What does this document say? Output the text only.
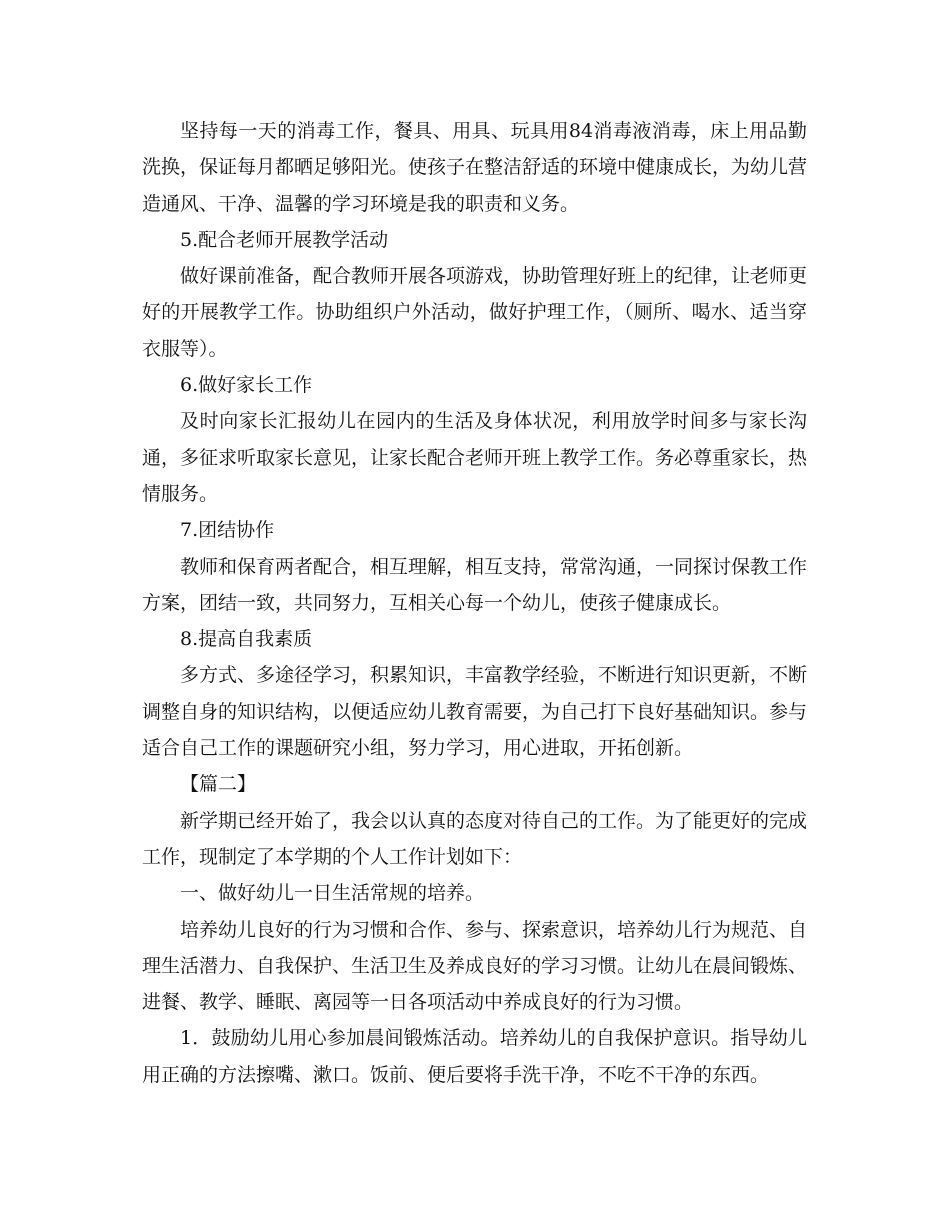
坚持每一天的消毒工作，餐具、用具、玩具用84消毒液消毒，床上用品勤洗换，保证每月都晒足够阳光。使孩子在整洁舒适的环境中健康成长，为幼儿营造通风、干净、温馨的学习环境是我的职责和义务。

5.配合老师开展教学活动

做好课前准备，配合教师开展各项游戏，协助管理好班上的纪律，让老师更好的开展教学工作。协助组织户外活动，做好护理工作，（厕所、喝水、适当穿衣服等）。

6.做好家长工作

及时向家长汇报幼儿在园内的生活及身体状况，利用放学时间多与家长沟通，多征求听取家长意见，让家长配合老师开班上教学工作。务必尊重家长，热情服务。

7.团结协作

教师和保育两者配合，相互理解，相互支持，常常沟通，一同探讨保教工作方案，团结一致，共同努力，互相关心每一个幼儿，使孩子健康成长。

8.提高自我素质

多方式、多途径学习，积累知识，丰富教学经验，不断进行知识更新，不断调整自身的知识结构，以便适应幼儿教育需要，为自己打下良好基础知识。参与适合自己工作的课题研究小组，努力学习，用心进取，开拓创新。

【篇二】

新学期已经开始了，我会以认真的态度对待自己的工作。为了能更好的完成工作，现制定了本学期的个人工作计划如下：

一、做好幼儿一日生活常规的培养。

培养幼儿良好的行为习惯和合作、参与、探索意识，培养幼儿行为规范、自理生活潜力、自我保护、生活卫生及养成良好的学习习惯。让幼儿在晨间锻炼、进餐、教学、睡眠、离园等一日各项活动中养成良好的行为习惯。

1．鼓励幼儿用心参加晨间锻炼活动。培养幼儿的自我保护意识。指导幼儿用正确的方法擦嘴、漱口。饭前、便后要将手洗干净，不吃不干净的东西。
